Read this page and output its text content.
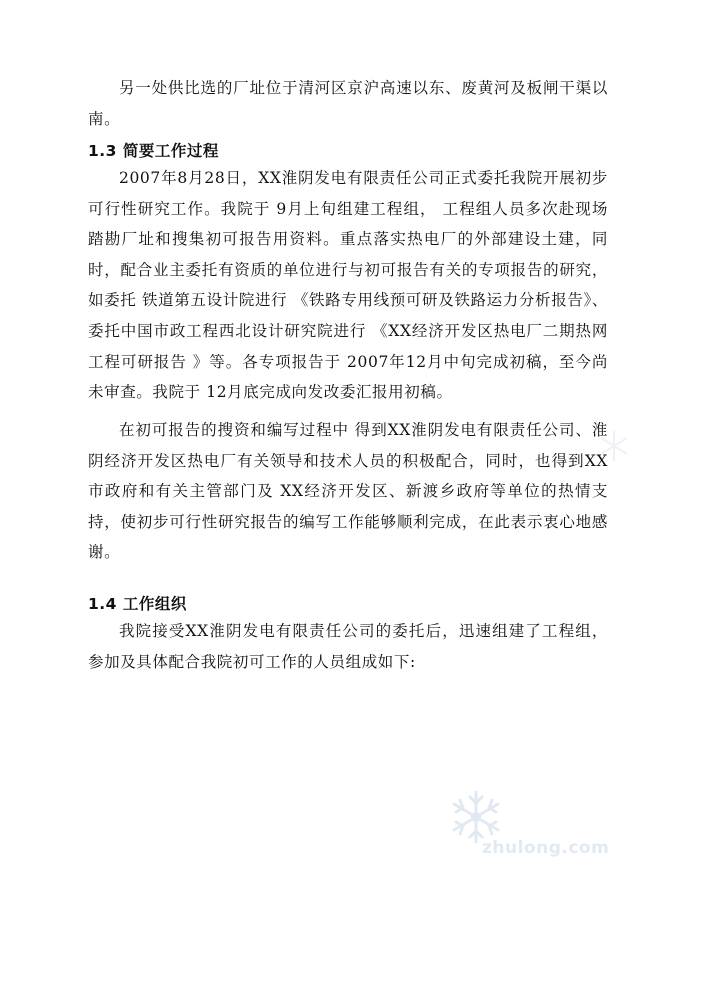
另一处供比选的厂址位于清河区京沪高速以东、废黄河及板闸干渠以南。

1.3 简要工作过程

2007年8月28日，XX淮阴发电有限责任公司正式委托我院开展初步可行性研究工作。我院于 9月上旬组建工程组， 工程组人员多次赴现场踏勘厂址和搜集初可报告用资料。重点落实热电厂的外部建设土建，同时，配合业主委托有资质的单位进行与初可报告有关的专项报告的研究，如委托 铁道第五设计院进行 《铁路专用线预可研及铁路运力分析报告》、委托中国市政工程西北设计研究院进行 《XX经济开发区热电厂二期热网工程可研报告 》等。各专项报告于 2007年12月中旬完成初稿，至今尚未审查。我院于 12月底完成向发改委汇报用初稿。

在初可报告的搜资和编写过程中 得到XX淮阴发电有限责任公司、淮阴经济开发区热电厂有关领导和技术人员的积极配合，同时，也得到XX市政府和有关主管部门及 XX经济开发区、新渡乡政府等单位的热情支持，使初步可行性研究报告的编写工作能够顺利完成，在此表示衷心地感谢。

1.4 工作组织

我院接受XX淮阴发电有限责任公司的委托后，迅速组建了工程组，参加及具体配合我院初可工作的人员组成如下:

zhulong.com
